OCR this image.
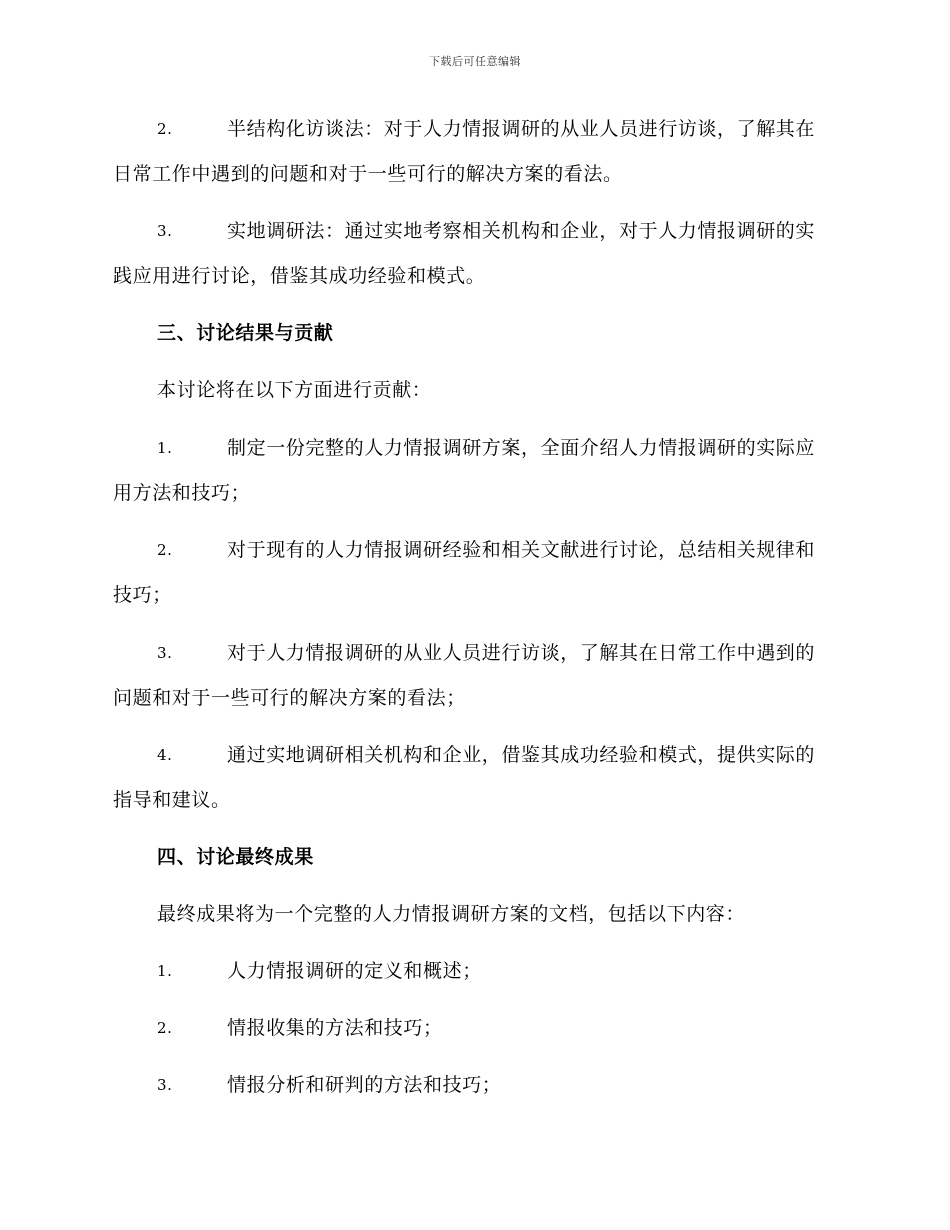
下载后可任意编辑
2.	半结构化访谈法：对于人力情报调研的从业人员进行访谈，了解其在日常工作中遇到的问题和对于一些可行的解决方案的看法。
3.	实地调研法：通过实地考察相关机构和企业，对于人力情报调研的实践应用进行讨论，借鉴其成功经验和模式。
三、讨论结果与贡献
本讨论将在以下方面进行贡献：
1.	制定一份完整的人力情报调研方案，全面介绍人力情报调研的实际应用方法和技巧；
2.	对于现有的人力情报调研经验和相关文献进行讨论，总结相关规律和技巧；
3.	对于人力情报调研的从业人员进行访谈，了解其在日常工作中遇到的问题和对于一些可行的解决方案的看法；
4.	通过实地调研相关机构和企业，借鉴其成功经验和模式，提供实际的指导和建议。
四、讨论最终成果
最终成果将为一个完整的人力情报调研方案的文档，包括以下内容：
1.	人力情报调研的定义和概述；
2.	情报收集的方法和技巧；
3.	情报分析和研判的方法和技巧；
